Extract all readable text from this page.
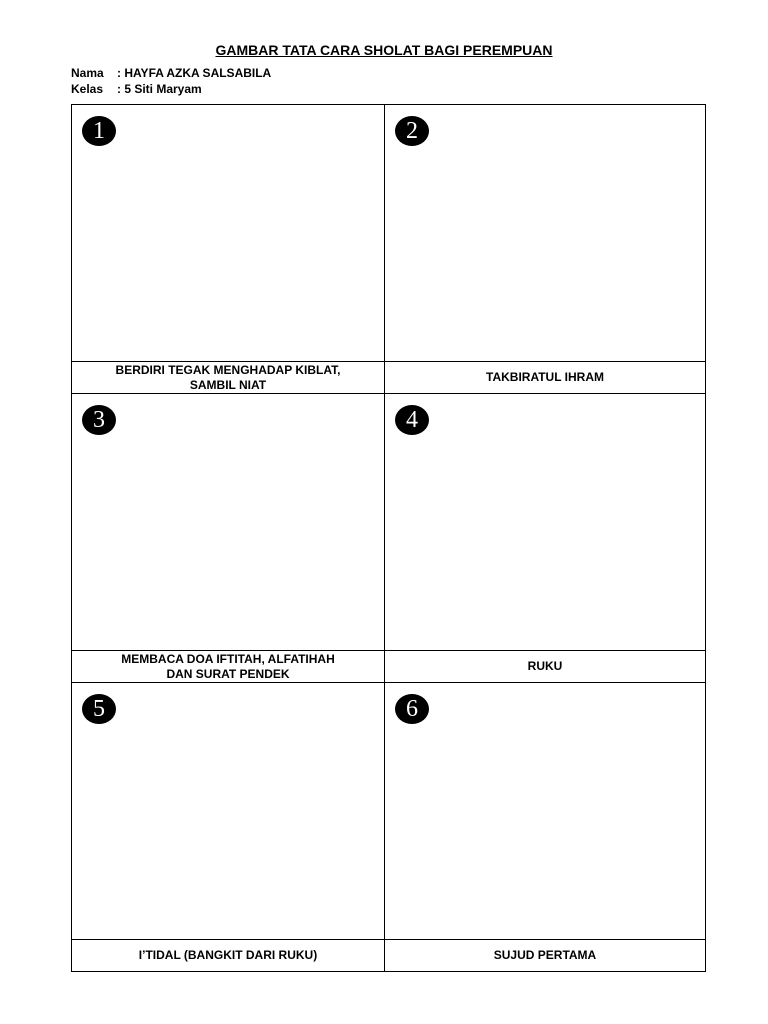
GAMBAR TATA CARA SHOLAT BAGI PEREMPUAN
Nama : HAYFA AZKA SALSABILA
Kelas : 5 Siti Maryam
1	2

BERDIRI TEGAK MENGHADAP KIBLAT,
SAMBIL NIAT	TAKBIRATUL IHRAM

3	4

MEMBACA DOA IFTITAH, ALFATIHAH
DAN SURAT PENDEK	RUKU

5	6

I’TIDAL (BANGKIT DARI RUKU)	SUJUD PERTAMA
